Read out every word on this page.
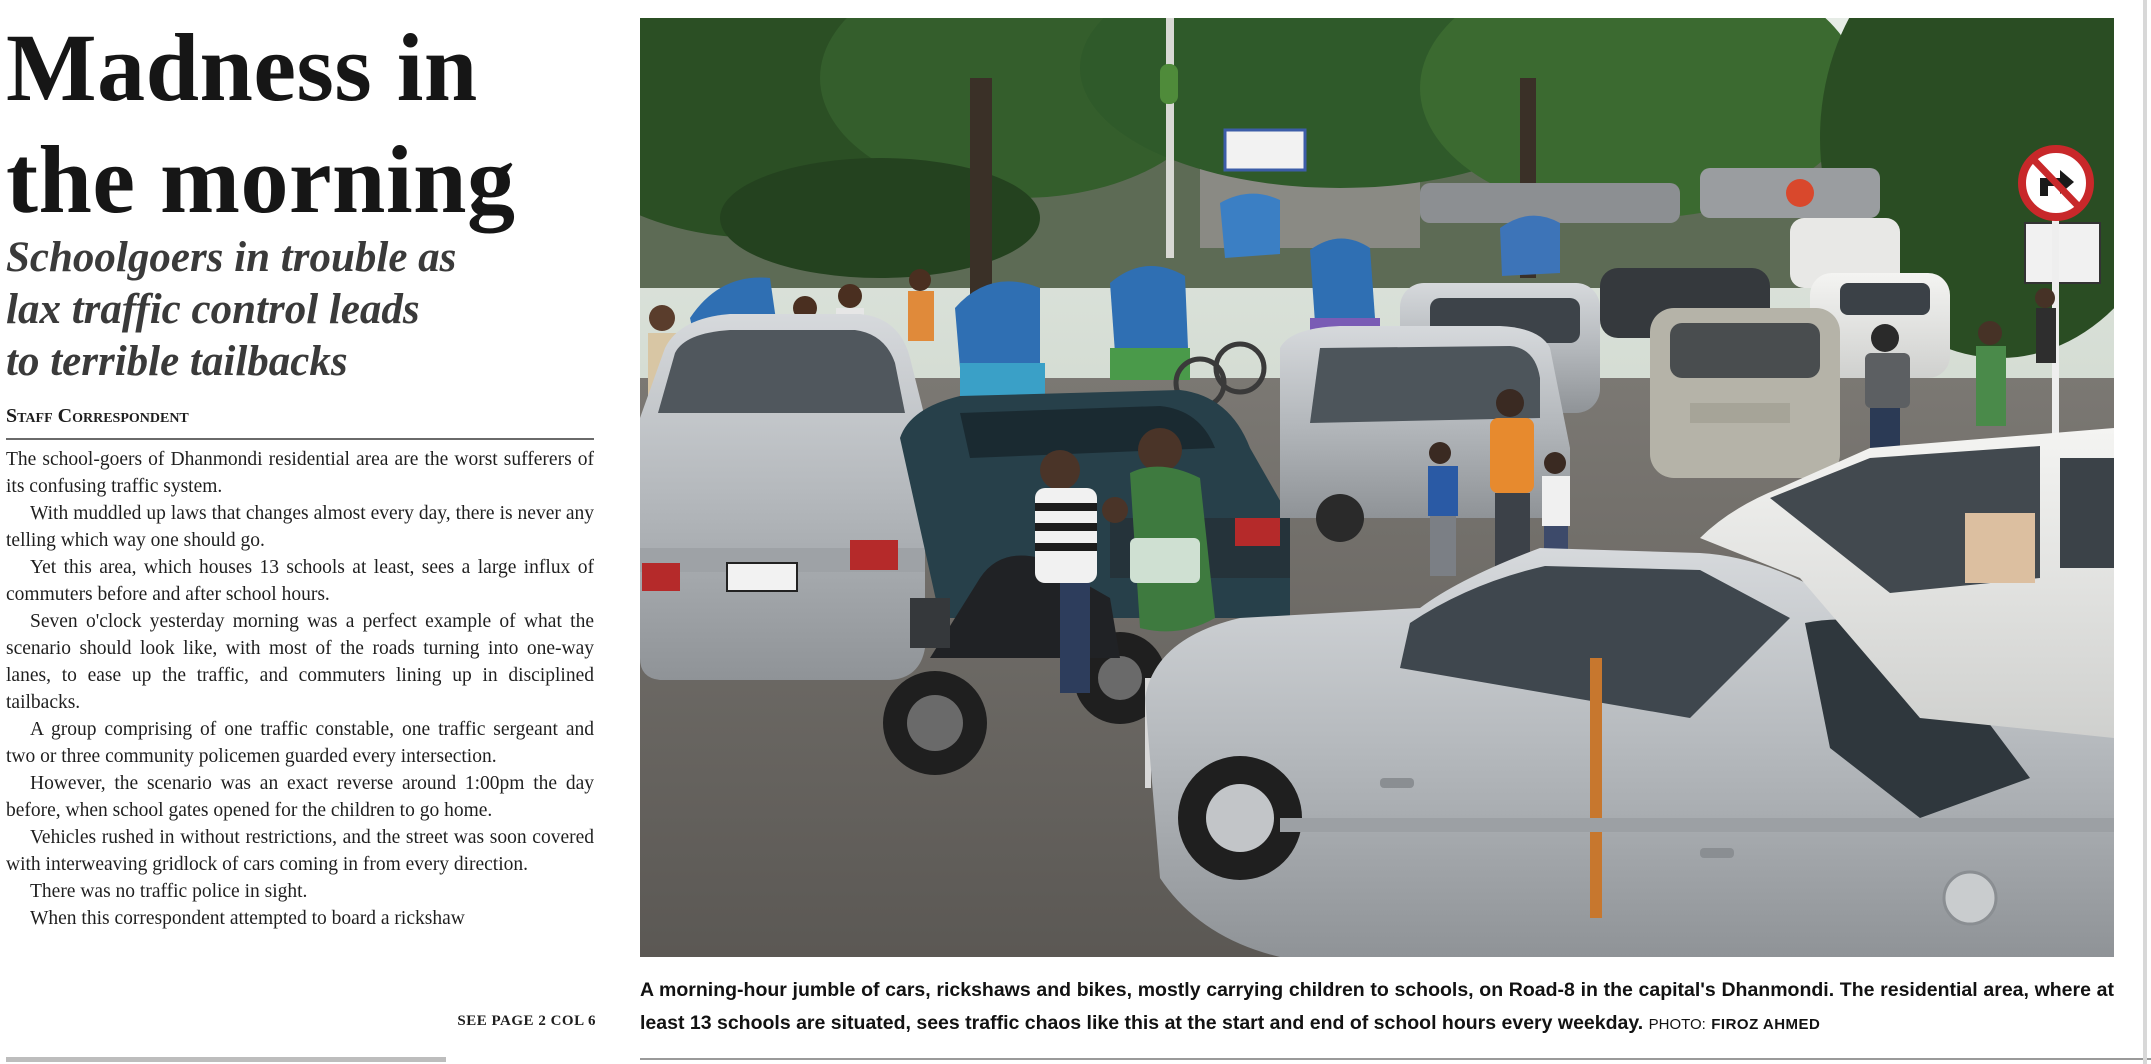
Madness in
the morning
Schoolgoers in trouble as
lax traffic control leads
to terrible tailbacks
Staff Correspondent

The school-goers of Dhanmondi residential area are the worst sufferers of its confusing traffic system.

With muddled up laws that changes almost every day, there is never any telling which way one should go.

Yet this area, which houses 13 schools at least, sees a large influx of commuters before and after school hours.

Seven o'clock yesterday morning was a perfect example of what the scenario should look like, with most of the roads turning into one-way lanes, to ease up the traffic, and commuters lining up in disciplined tailbacks.

A group comprising of one traffic constable, one traffic sergeant and two or three community policemen guarded every intersection.

However, the scenario was an exact reverse around 1:00pm the day before, when school gates opened for the children to go home.

Vehicles rushed in without restrictions, and the street was soon covered with interweaving gridlock of cars coming in from every direction.

There was no traffic police in sight.

When this correspondent attempted to board a rickshaw

SEE PAGE 2 COL 6
A morning-hour jumble of cars, rickshaws and bikes, mostly carrying children to schools, on Road-8 in the capital's Dhanmondi. The residential area, where at least 13 schools are situated, sees traffic chaos like this at the start and end of school hours every weekday. PHOTO: FIROZ AHMED
